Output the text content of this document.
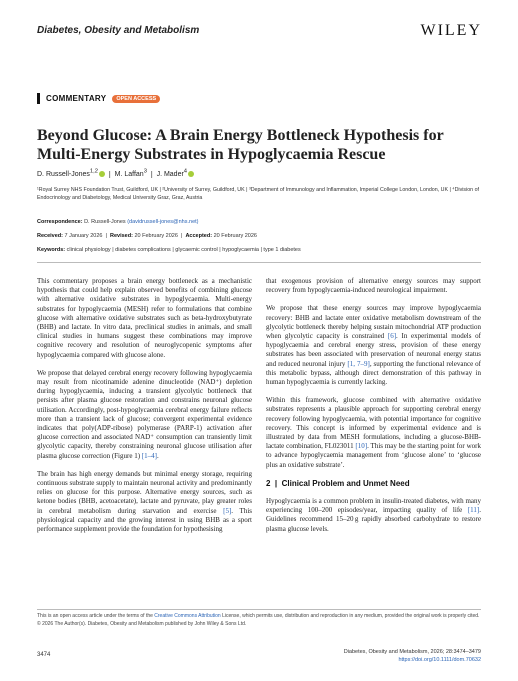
Diabetes, Obesity and Metabolism	WILEY
COMMENTARY	OPEN ACCESS
Beyond Glucose: A Brain Energy Bottleneck Hypothesis for Multi-Energy Substrates in Hypoglycaemia Rescue
D. Russell-Jones$^{1,2}$  |  M. Laffan$^3$  |  J. Mader$^4$
¹Royal Surrey NHS Foundation Trust, Guildford, UK | ²University of Surrey, Guildford, UK | ³Department of Immunology and Inflammation, Imperial College London, London, UK | ⁴Division of Endocrinology and Diabetology, Medical University Graz, Graz, Austria
Correspondence: D. Russell-Jones (davidrussell-jones@nhs.net)
Received: 7 January 2026  |  Revised: 20 February 2026  |  Accepted: 20 February 2026
Keywords: clinical physiology | diabetes complications | glycaemic control | hypoglycaemia | type 1 diabetes

This commentary proposes a brain energy bottleneck as a mechanistic hypothesis that could help explain observed benefits of combining glucose with alternative oxidative substrates in hypoglycaemia. Multi-energy substrates for hypoglycaemia (MESH) refer to formulations that combine glucose with alternative oxidative substrates such as beta-hydroxybutyrate (BHB) and lactate. In vitro data, preclinical studies in animals, and small clinical studies in humans suggest these combinations may improve cognitive recovery and resolution of neuroglycopenic symptoms after hypoglycaemia compared with glucose alone.

We propose that delayed cerebral energy recovery following hypoglycaemia may result from nicotinamide adenine dinucleotide (NAD⁺) depletion during hypoglycaemia, inducing a transient glycolytic bottleneck that persists after plasma glucose restoration and constrains neuronal glucose utilisation. Accordingly, post-hypoglycaemia cerebral energy failure reflects more than a transient lack of glucose; convergent experimental evidence indicates that poly(ADP-ribose) polymerase (PARP-1) activation after glucose correction and associated NAD⁺ consumption can transiently limit glycolytic capacity, thereby constraining neuronal glucose utilisation after plasma glucose correction (Figure 1) [1–4].

The brain has high energy demands but minimal energy storage, requiring continuous substrate supply to maintain neuronal activity and predominantly relies on glucose for this purpose. Alternative energy sources, such as ketone bodies (BHB, acetoacetate), lactate and pyruvate, play greater roles in cerebral metabolism during starvation and exercise [5]. This physiological capacity and the growing interest in using BHB as a sport performance supplement provide the foundation for hypothesising

that exogenous provision of alternative energy sources may support recovery from hypoglycaemia-induced neurological impairment.

We propose that these energy sources may improve hypoglycaemia recovery: BHB and lactate enter oxidative metabolism downstream of the glycolytic bottleneck thereby helping sustain mitochondrial ATP production when glycolytic capacity is constrained [6]. In experimental models of hypoglycaemia and cerebral energy stress, provision of these energy substrates has been associated with preservation of neuronal energy status and reduced neuronal injury [1, 7–9], supporting the functional relevance of this metabolic bypass, although direct demonstration of this pathway in human hypoglycaemia is currently lacking.

Within this framework, glucose combined with alternative oxidative substrates represents a plausible approach for supporting cerebral energy recovery following hypoglycaemia, with potential importance for cognitive recovery. This concept is informed by experimental evidence and is illustrated by data from MESH formulations, including a glucose-BHB-lactate combination, FL023011 [10]. This may be the starting point for work to advance hypoglycaemia management from ‘glucose alone’ to ‘glucose plus an oxidative substrate’.

2  |  Clinical Problem and Unmet Need

Hypoglycaemia is a common problem in insulin-treated diabetes, with many experiencing 100–200 episodes/year, impacting quality of life [11]. Guidelines recommend 15–20 g rapidly absorbed carbohydrate to restore plasma glucose levels.

This is an open access article under the terms of the Creative Commons Attribution License, which permits use, distribution and reproduction in any medium, provided the original work is properly cited.
© 2026 The Author(s). Diabetes, Obesity and Metabolism published by John Wiley & Sons Ltd.
3474	Diabetes, Obesity and Metabolism, 2026; 28:3474–3479
https://doi.org/10.1111/dom.70632
